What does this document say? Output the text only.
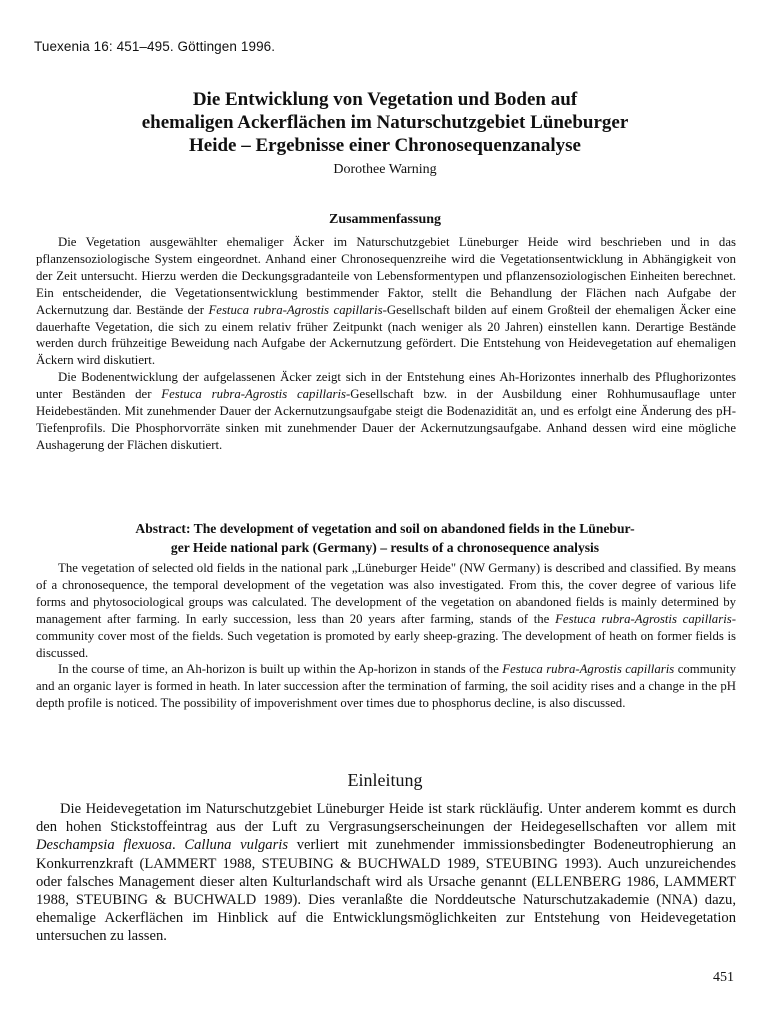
Tuexenia 16: 451–495. Göttingen 1996.
Die Entwicklung von Vegetation und Boden auf
ehemaligen Ackerflächen im Naturschutzgebiet Lüneburger
Heide – Ergebnisse einer Chronosequenzanalyse
Dorothee Warning
Zusammenfassung

Die Vegetation ausgewählter ehemaliger Äcker im Naturschutzgebiet Lüneburger Heide wird beschrieben und in das pflanzensoziologische System eingeordnet. Anhand einer Chronosequenzreihe wird die Vegetationsentwicklung in Abhängigkeit von der Zeit untersucht. Hierzu werden die Deckungsgradanteile von Lebensformentypen und pflanzensoziologischen Einheiten berechnet. Ein entscheidender, die Vegetationsentwicklung bestimmender Faktor, stellt die Behandlung der Flächen nach Aufgabe der Ackernutzung dar. Bestände der Festuca rubra-Agrostis capillaris-Gesellschaft bilden auf einem Großteil der ehemaligen Äcker eine dauerhafte Vegetation, die sich zu einem relativ früher Zeitpunkt (nach weniger als 20 Jahren) einstellen kann. Derartige Bestände werden durch frühzeitige Beweidung nach Aufgabe der Ackernutzung gefördert. Die Entstehung von Heidevegetation auf ehemaligen Äckern wird diskutiert.

Die Bodenentwicklung der aufgelassenen Äcker zeigt sich in der Entstehung eines Ah-Horizontes innerhalb des Pflughorizontes unter Beständen der Festuca rubra-Agrostis capillaris-Gesellschaft bzw. in der Ausbildung einer Rohhumusauflage unter Heidebeständen. Mit zunehmender Dauer der Ackernutzungsaufgabe steigt die Bodenazidität an, und es erfolgt eine Änderung des pH-Tiefenprofils. Die Phosphorvorräte sinken mit zunehmender Dauer der Ackernutzungsaufgabe. Anhand dessen wird eine mögliche Aushagerung der Flächen diskutiert.

Abstract: The development of vegetation and soil on abandoned fields in the Lünebur-
ger Heide national park (Germany) – results of a chronosequence analysis

The vegetation of selected old fields in the national park „Lüneburger Heide" (NW Germany) is described and classified. By means of a chronosequence, the temporal development of the vegetation was also investigated. From this, the cover degree of various life forms and phytosociological groups was calculated. The development of the vegetation on abandoned fields is mainly determined by management after farming. In early succession, less than 20 years after farming, stands of the Festuca rubra-Agrostis capillaris-community cover most of the fields. Such vegetation is promoted by early sheep-grazing. The development of heath on former fields is discussed.

In the course of time, an Ah-horizon is built up within the Ap-horizon in stands of the Festuca rubra-Agrostis capillaris community and an organic layer is formed in heath. In later succession after the termination of farming, the soil acidity rises and a change in the pH depth profile is noticed. The possibility of impoverishment over times due to phosphorus decline, is also discussed.

Einleitung

Die Heidevegetation im Naturschutzgebiet Lüneburger Heide ist stark rückläufig. Unter anderem kommt es durch den hohen Stickstoffeintrag aus der Luft zu Vergrasungserscheinungen der Heidegesellschaften vor allem mit Deschampsia flexuosa. Calluna vulgaris verliert mit zunehmender immissionsbedingter Bodeneutrophierung an Konkurrenzkraft (LAMMERT 1988, STEUBING & BUCHWALD 1989, STEUBING 1993). Auch unzureichendes oder falsches Management dieser alten Kulturlandschaft wird als Ursache genannt (ELLENBERG 1986, LAMMERT 1988, STEUBING & BUCHWALD 1989). Dies veranlaßte die Norddeutsche Naturschutzakademie (NNA) dazu, ehemalige Ackerflächen im Hinblick auf die Entwicklungsmöglichkeiten zur Entstehung von Heidevegetation untersuchen zu lassen.

451
